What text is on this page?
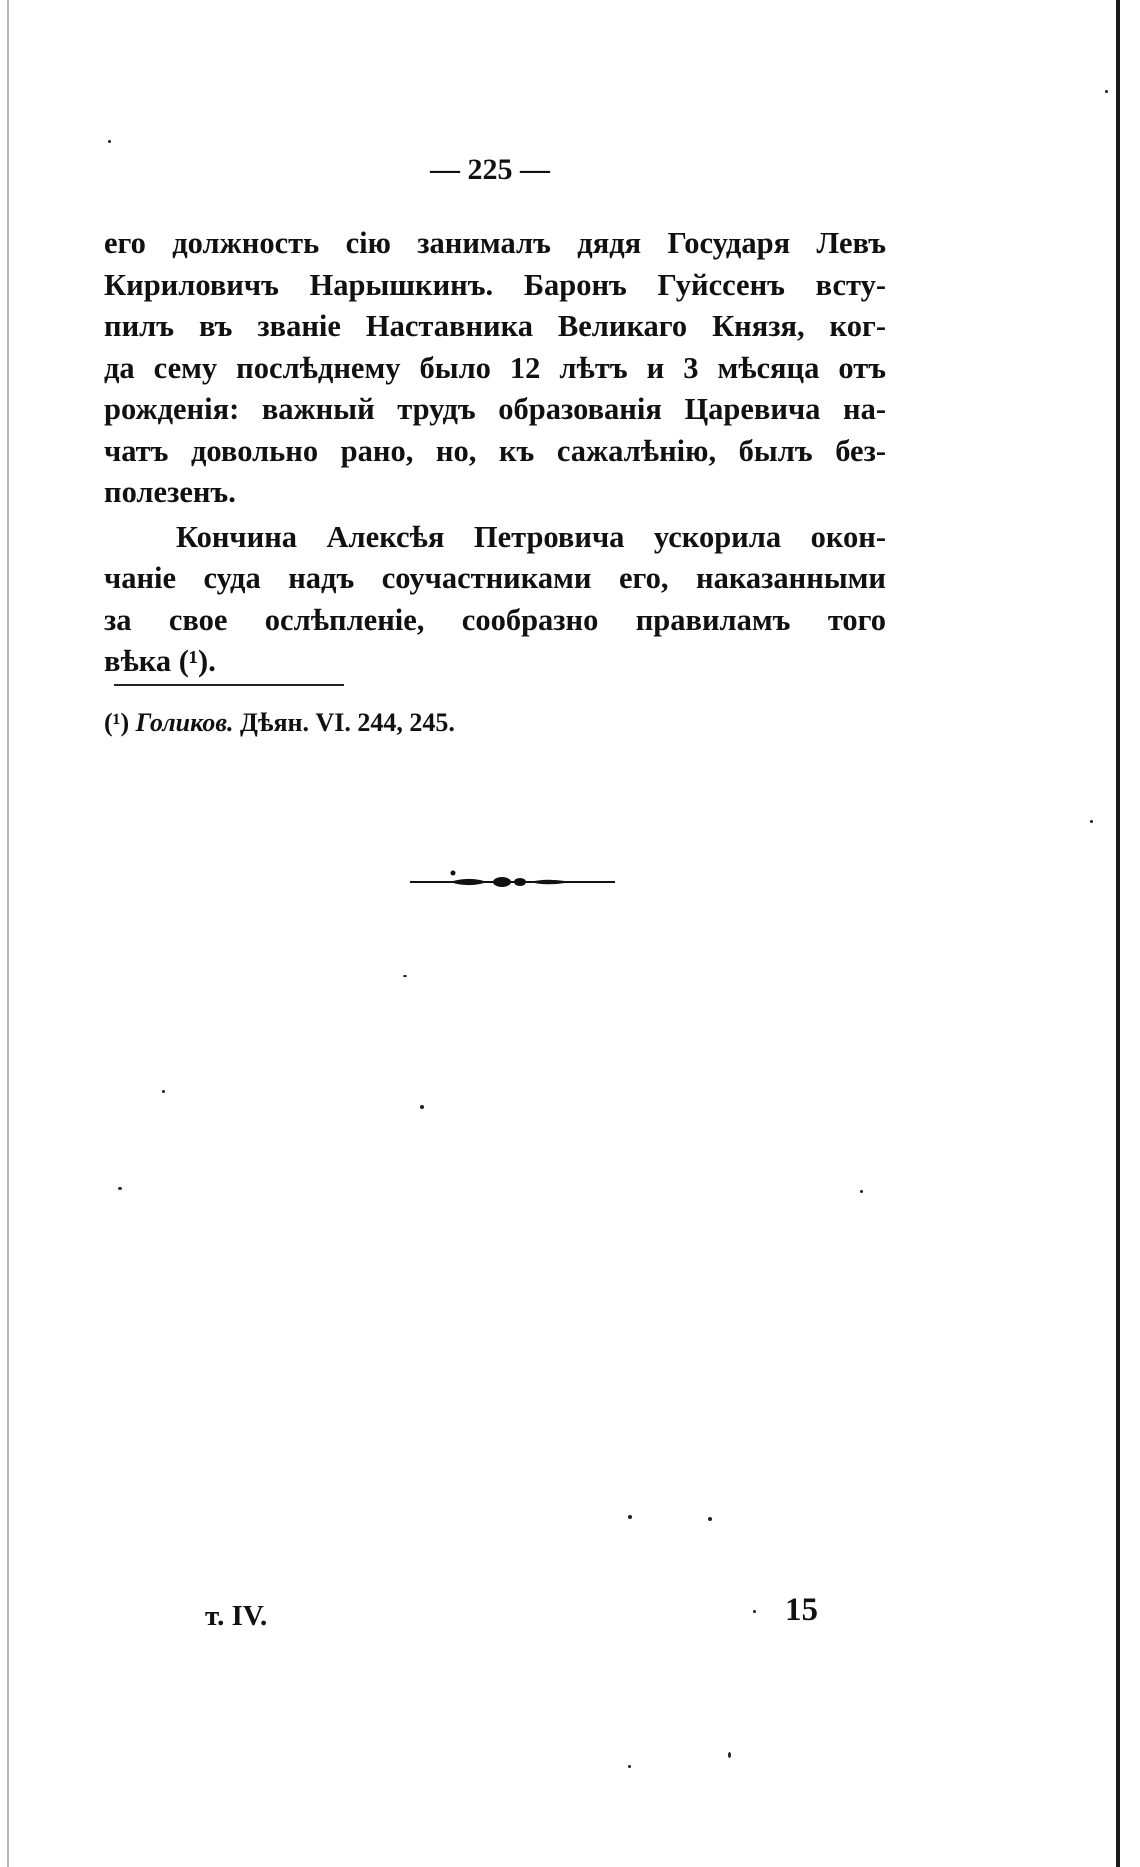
— 225 —
его должность сію занималъ дядя Государя Левъ
Кириловичъ Нарышкинъ. Баронъ Гуйссенъ всту-
пилъ въ званіе Наставника Великаго Князя, ког-
да сему послѣднему было 12 лѣтъ и 3 мѣсяца отъ
рожденія: важный трудъ образованія Царевича на-
чатъ довольно рано, но, къ сажалѣнію, былъ без-
полезенъ.
Кончина Алексѣя Петровича ускорила окон-
чаніе суда надъ соучастниками его, наказанными
за свое ослѣпленіе, сообразно правиламъ того
вѣка (¹).
(¹) Голиков. Дѣян. VI. 244, 245.
т. IV.	15
